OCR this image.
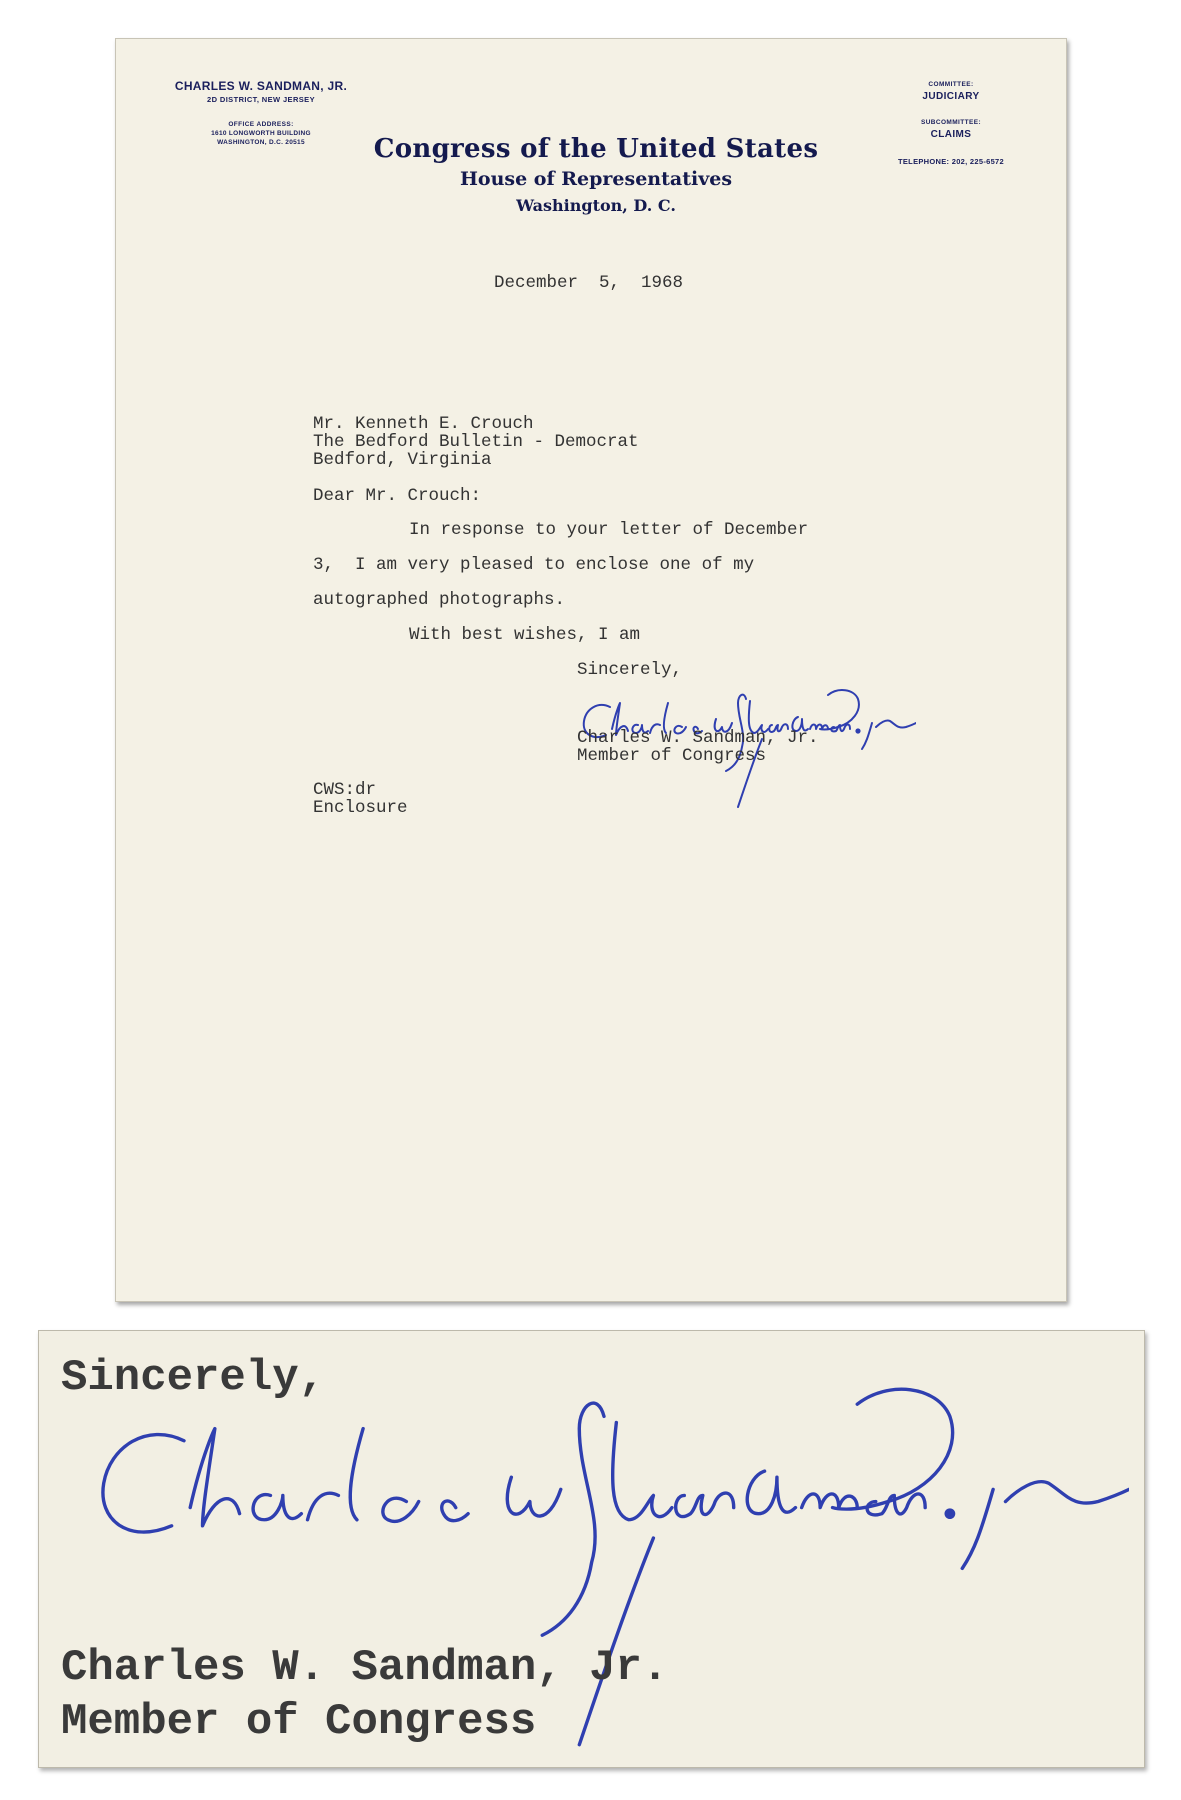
CHARLES W. SANDMAN, JR.
2D DISTRICT, NEW JERSEY
OFFICE ADDRESS:
1610 LONGWORTH BUILDING
WASHINGTON, D.C. 20515	Congress of the United States
House of Representatives
Washington, D. C.
COMMITTEE:
JUDICIARY
SUBCOMMITTEE:
CLAIMS
TELEPHONE: 202, 225-6572
December  5,  1968
Mr. Kenneth E. Crouch
The Bedford Bulletin - Democrat
Bedford, Virginia
Dear Mr. Crouch:
In response to your letter of December
3,  I am very pleased to enclose one of my
autographed photographs.
With best wishes, I am
Sincerely,
Charles W. Sandman, Jr.
Member of Congress
CWS:dr
Enclosure
Sincerely,
Charles W. Sandman, Jr.
Member of Congress
